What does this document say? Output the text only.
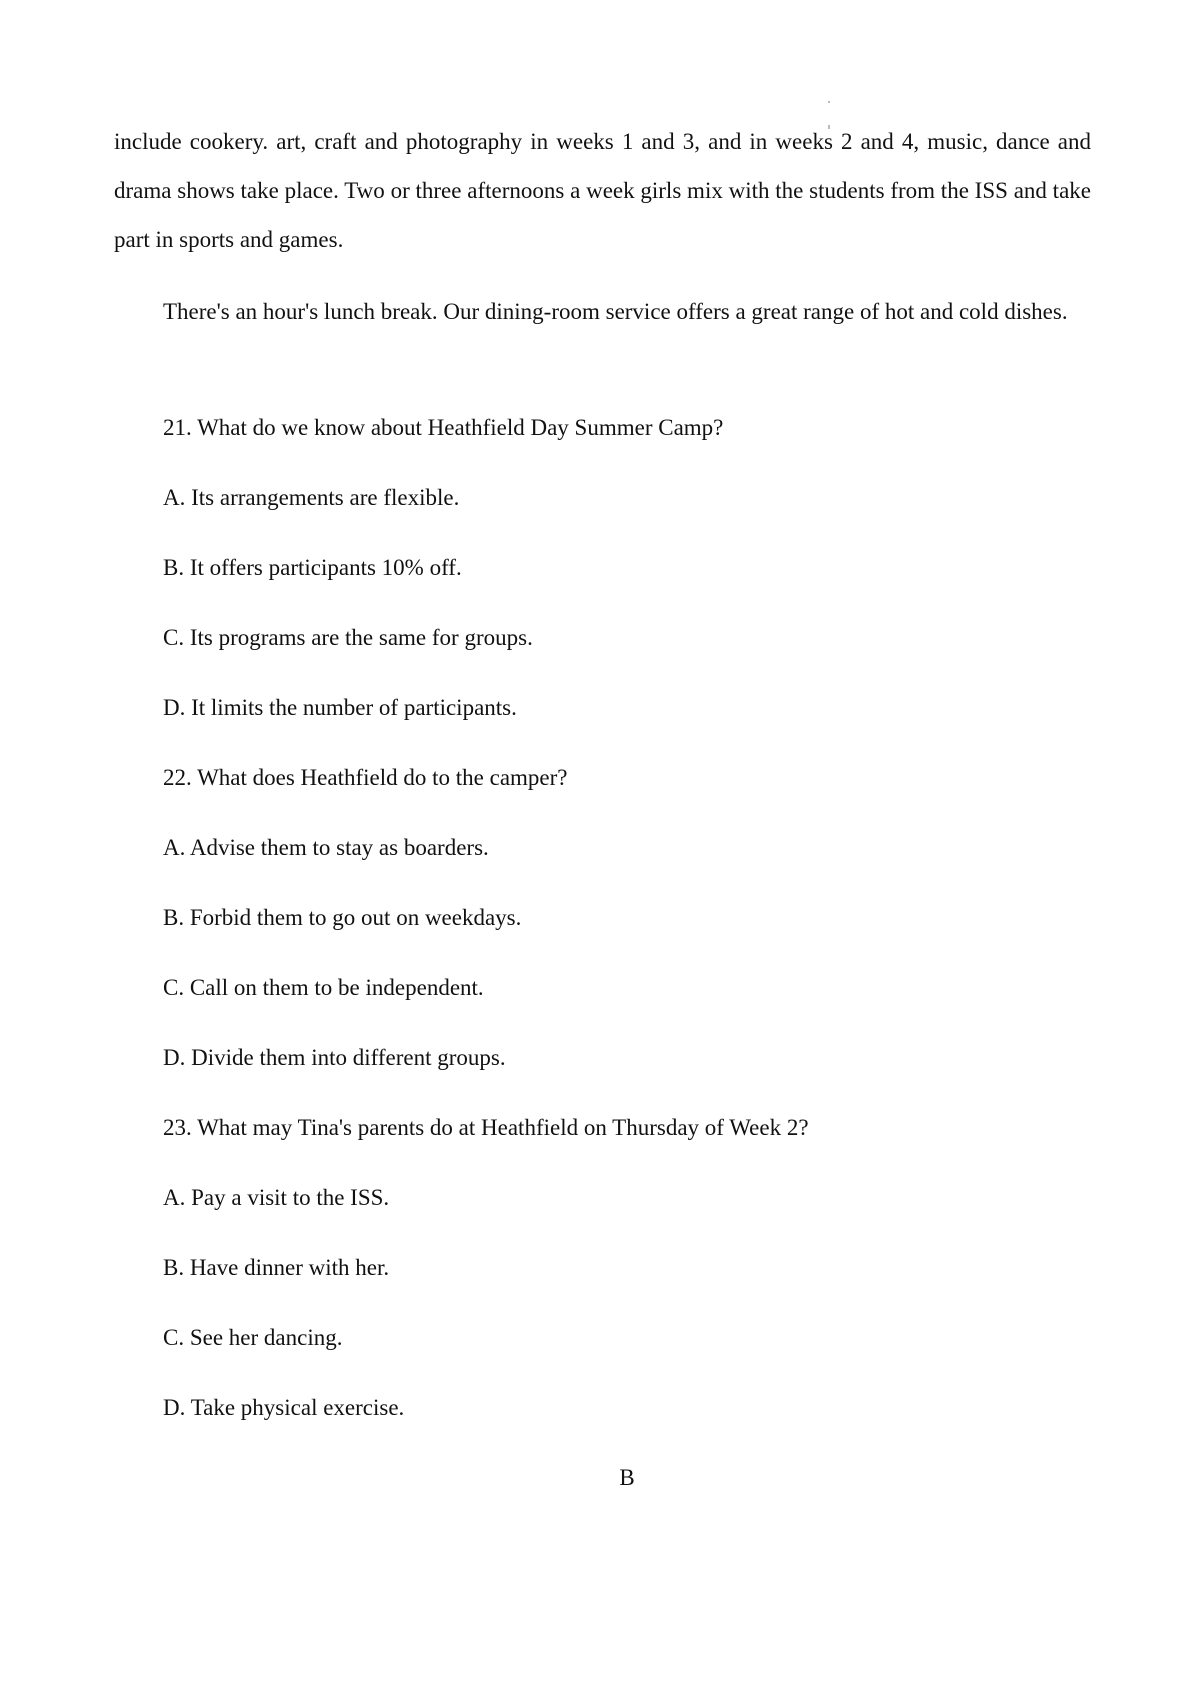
include cookery. art, craft and photography in weeks 1 and 3, and in weeks 2 and 4, music, dance and drama shows take place. Two or three afternoons a week girls mix with the students from the ISS and take part in sports and games.

There's an hour's lunch break. Our dining-room service offers a great range of hot and cold dishes.

21. What do we know about Heathfield Day Summer Camp?

A. Its arrangements are flexible.

B. It offers participants 10% off.

C. Its programs are the same for groups.

D. It limits the number of participants.

22. What does Heathfield do to the camper?

A. Advise them to stay as boarders.

B. Forbid them to go out on weekdays.

C. Call on them to be independent.

D. Divide them into different groups.

23. What may Tina's parents do at Heathfield on Thursday of Week 2?

A. Pay a visit to the ISS.

B. Have dinner with her.

C. See her dancing.

D. Take physical exercise.

B
